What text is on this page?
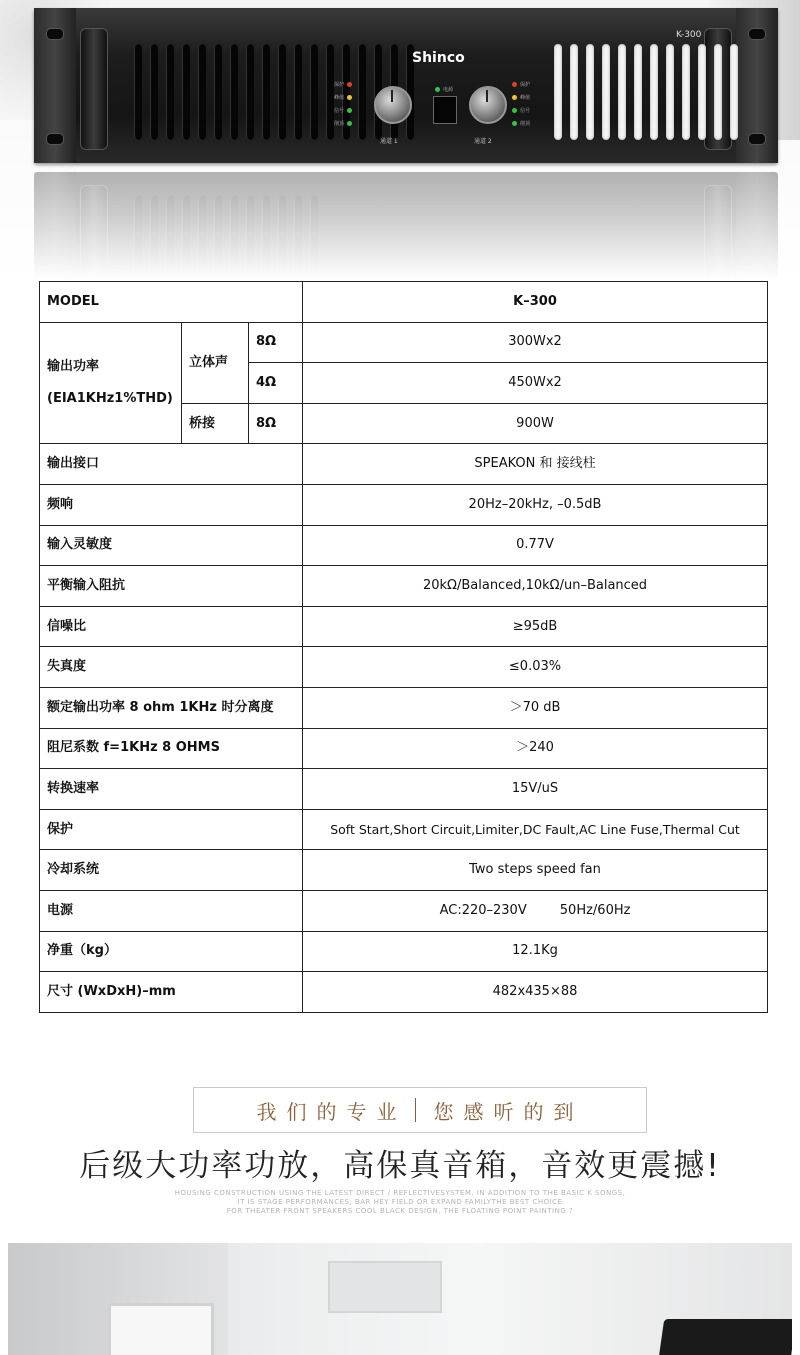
Shinco
K-300
保护
峰值
信号
削顶
电源
保护
峰值
信号
削顶
通道 1	通道 2
MODEL			K–300

输出功率
(EIA1KHz1%THD)	立体声	8Ω	300Wx2
		4Ω	450Wx2
	桥接	8Ω	900W
输出接口			SPEAKON 和 接线柱
频响			20Hz–20kHz, –0.5dB
输入灵敏度			0.77V
平衡输入阻抗			20kΩ/Balanced,10kΩ/un–Balanced
信噪比			≥95dB
失真度			≤0.03%
额定输出功率 8 ohm 1KHz 时分离度			＞70 dB
阻尼系数 f=1KHz 8 OHMS			＞240
转换速率			15V/uS
保护			Soft Start,Short Circuit,Limiter,DC Fault,AC Line Fuse,Thermal Cut
冷却系统			Two steps speed fan
电源			AC:220–230V        50Hz/60Hz
净重（kg）			12.1Kg
尺寸 (WxDxH)–mm			482x435×88
我们的专业 您感听的到
后级大功率功放，高保真音箱，音效更震撼!
HOUSING CONSTRUCTION USING THE LATEST DIRECT / REFLECTIVESYSTEM. IN ADDITION TO THE BASIC K SONGS,
IT IS STAGE PERFORMANCES, BAR HEY FIELD OR EXPAND FAMILYTHE BEST CHOICE
FOR THEATER FRONT SPEAKERS COOL BLACK DESIGN, THE FLOATING POINT PAINTING ?
